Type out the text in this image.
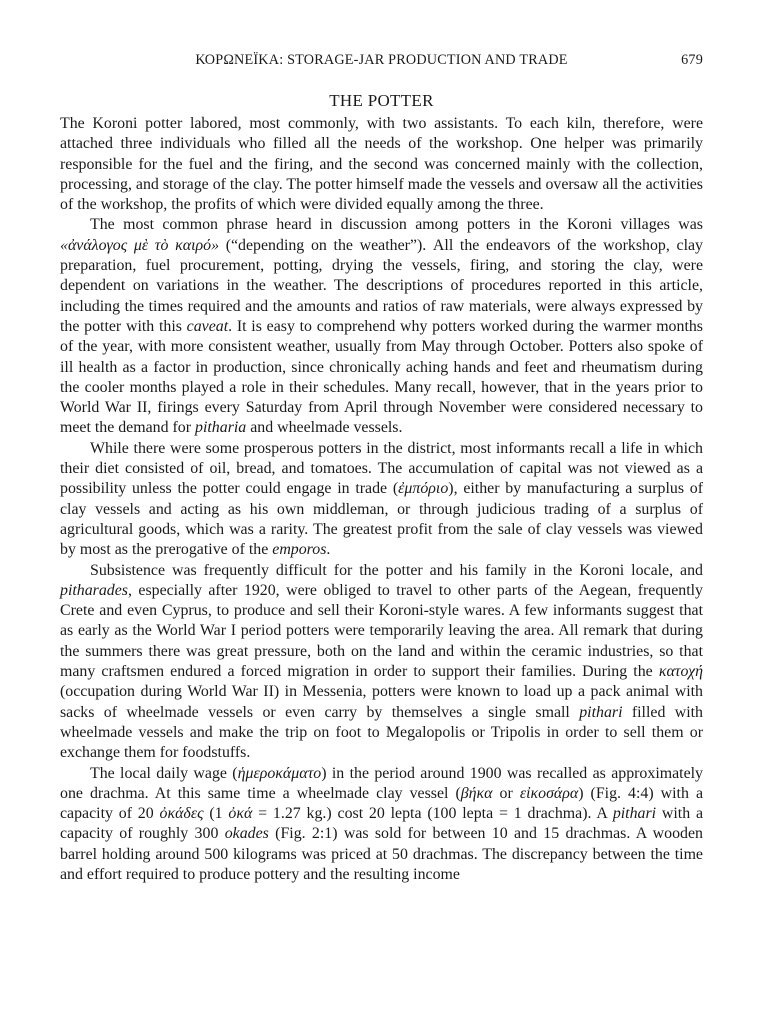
ΚΟΡΩΝΕΪΚΑ: STORAGE-JAR PRODUCTION AND TRADE	679
THE POTTER

The Koroni potter labored, most commonly, with two assistants. To each kiln, therefore, were attached three individuals who filled all the needs of the workshop. One helper was primarily responsible for the fuel and the firing, and the second was concerned mainly with the collection, processing, and storage of the clay. The potter himself made the vessels and oversaw all the activities of the workshop, the profits of which were divided equally among the three.

The most common phrase heard in discussion among potters in the Koroni villages was «ἀνάλογος μὲ τὸ καιρό» (“depending on the weather”). All the endeavors of the workshop, clay preparation, fuel procurement, potting, drying the vessels, firing, and storing the clay, were dependent on variations in the weather. The descriptions of procedures reported in this article, including the times required and the amounts and ratios of raw materials, were always expressed by the potter with this caveat. It is easy to comprehend why potters worked during the warmer months of the year, with more consistent weather, usually from May through October. Potters also spoke of ill health as a factor in production, since chronically aching hands and feet and rheumatism during the cooler months played a role in their schedules. Many recall, however, that in the years prior to World War II, firings every Saturday from April through November were considered necessary to meet the demand for pitharia and wheelmade vessels.

While there were some prosperous potters in the district, most informants recall a life in which their diet consisted of oil, bread, and tomatoes. The accumulation of capital was not viewed as a possibility unless the potter could engage in trade (ἐμπόριο), either by manufacturing a surplus of clay vessels and acting as his own middleman, or through judicious trading of a surplus of agricultural goods, which was a rarity. The greatest profit from the sale of clay vessels was viewed by most as the prerogative of the emporos.

Subsistence was frequently difficult for the potter and his family in the Koroni locale, and pitharades, especially after 1920, were obliged to travel to other parts of the Aegean, frequently Crete and even Cyprus, to produce and sell their Koroni-style wares. A few informants suggest that as early as the World War I period potters were temporarily leaving the area. All remark that during the summers there was great pressure, both on the land and within the ceramic industries, so that many craftsmen endured a forced migration in order to support their families. During the κατοχή (occupation during World War II) in Messenia, potters were known to load up a pack animal with sacks of wheelmade vessels or even carry by themselves a single small pithari filled with wheelmade vessels and make the trip on foot to Megalopolis or Tripolis in order to sell them or exchange them for foodstuffs.

The local daily wage (ἡμεροκάματο) in the period around 1900 was recalled as approximately one drachma. At this same time a wheelmade clay vessel (βήκα or εἰκοσάρα) (Fig. 4:4) with a capacity of 20 ὀκάδες (1 ὀκά = 1.27 kg.) cost 20 lepta (100 lepta = 1 drachma). A pithari with a capacity of roughly 300 okades (Fig. 2:1) was sold for between 10 and 15 drachmas. A wooden barrel holding around 500 kilograms was priced at 50 drachmas. The discrepancy between the time and effort required to produce pottery and the resulting income
